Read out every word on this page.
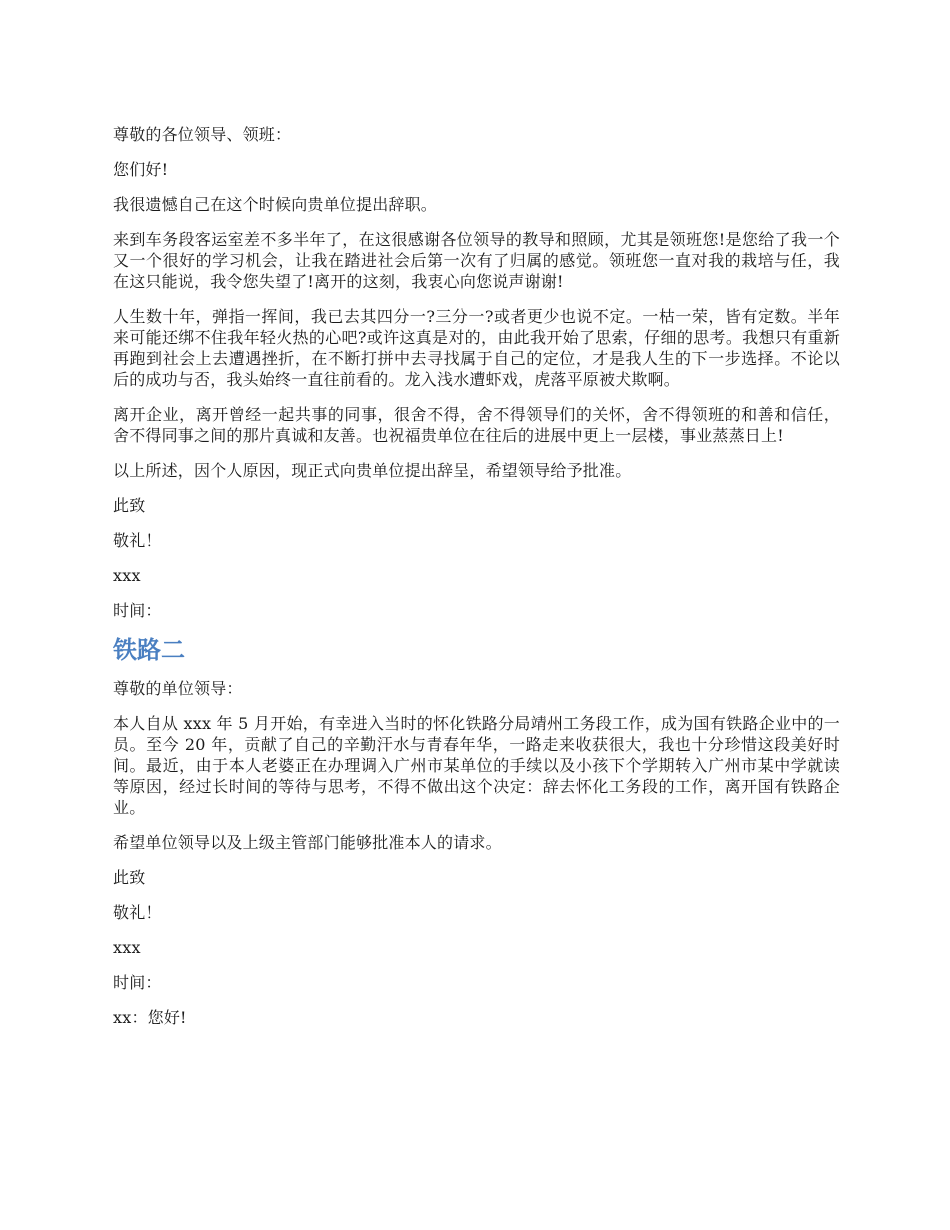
尊敬的各位领导、领班：

您们好!

我很遗憾自己在这个时候向贵单位提出辞职。

来到车务段客运室差不多半年了，在这很感谢各位领导的教导和照顾，尤其是领班您!是您给了我一个又一个很好的学习机会，让我在踏进社会后第一次有了归属的感觉。领班您一直对我的栽培与任，我在这只能说，我令您失望了!离开的这刻，我衷心向您说声谢谢!

人生数十年，弹指一挥间，我已去其四分一?三分一?或者更少也说不定。一枯一荣，皆有定数。半年来可能还绑不住我年轻火热的心吧?或许这真是对的，由此我开始了思索，仔细的思考。我想只有重新再跑到社会上去遭遇挫折，在不断打拼中去寻找属于自己的定位，才是我人生的下一步选择。不论以后的成功与否，我头始终一直往前看的。龙入浅水遭虾戏，虎落平原被犬欺啊。

离开企业，离开曾经一起共事的同事，很舍不得，舍不得领导们的关怀，舍不得领班的和善和信任，舍不得同事之间的那片真诚和友善。也祝福贵单位在往后的进展中更上一层楼，事业蒸蒸日上!

以上所述，因个人原因，现正式向贵单位提出辞呈，希望领导给予批准。

此致

敬礼！

xxx

时间：

铁路二

尊敬的单位领导：

本人自从 xxx 年 5 月开始，有幸进入当时的怀化铁路分局靖州工务段工作，成为国有铁路企业中的一员。至今 20 年，贡献了自己的辛勤汗水与青春年华，一路走来收获很大，我也十分珍惜这段美好时间。最近，由于本人老婆正在办理调入广州市某单位的手续以及小孩下个学期转入广州市某中学就读等原因，经过长时间的等待与思考，不得不做出这个决定：辞去怀化工务段的工作，离开国有铁路企业。

希望单位领导以及上级主管部门能够批准本人的请求。

此致

敬礼！

xxx

时间：

xx：您好!
